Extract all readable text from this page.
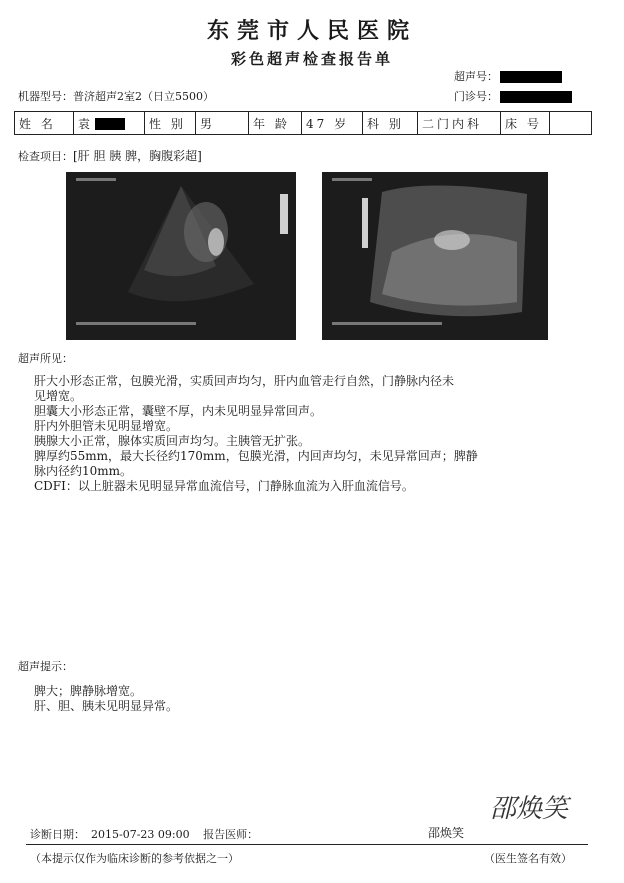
东莞市人民医院
彩色超声检查报告单
超声号：
门诊号：
机器型号：普济超声2室2（日立5500）
姓 名	袁	性 别	男	年 龄	47 岁	科 别	二门内科	床 号	
检查项目：[肝 胆 胰 脾，胸腹彩超]
超声所见：
肝大小形态正常，包膜光滑，实质回声均匀，肝内血管走行自然，门静脉内径未
见增宽。
胆囊大小形态正常，囊壁不厚，内未见明显异常回声。
肝内外胆管未见明显增宽。
胰腺大小正常，腺体实质回声均匀。主胰管无扩张。
脾厚约55mm，最大长径约170mm，包膜光滑，内回声均匀，未见异常回声；脾静
脉内径约10mm。
CDFI：以上脏器未见明显异常血流信号，门静脉血流为入肝血流信号。
超声提示：
脾大；脾静脉增宽。
肝、胆、胰未见明显异常。
邵焕笑
诊断日期： 2015-07-23 09:00 报告医师：	邵焕笑
（本提示仅作为临床诊断的参考依据之一）	（医生签名有效）
